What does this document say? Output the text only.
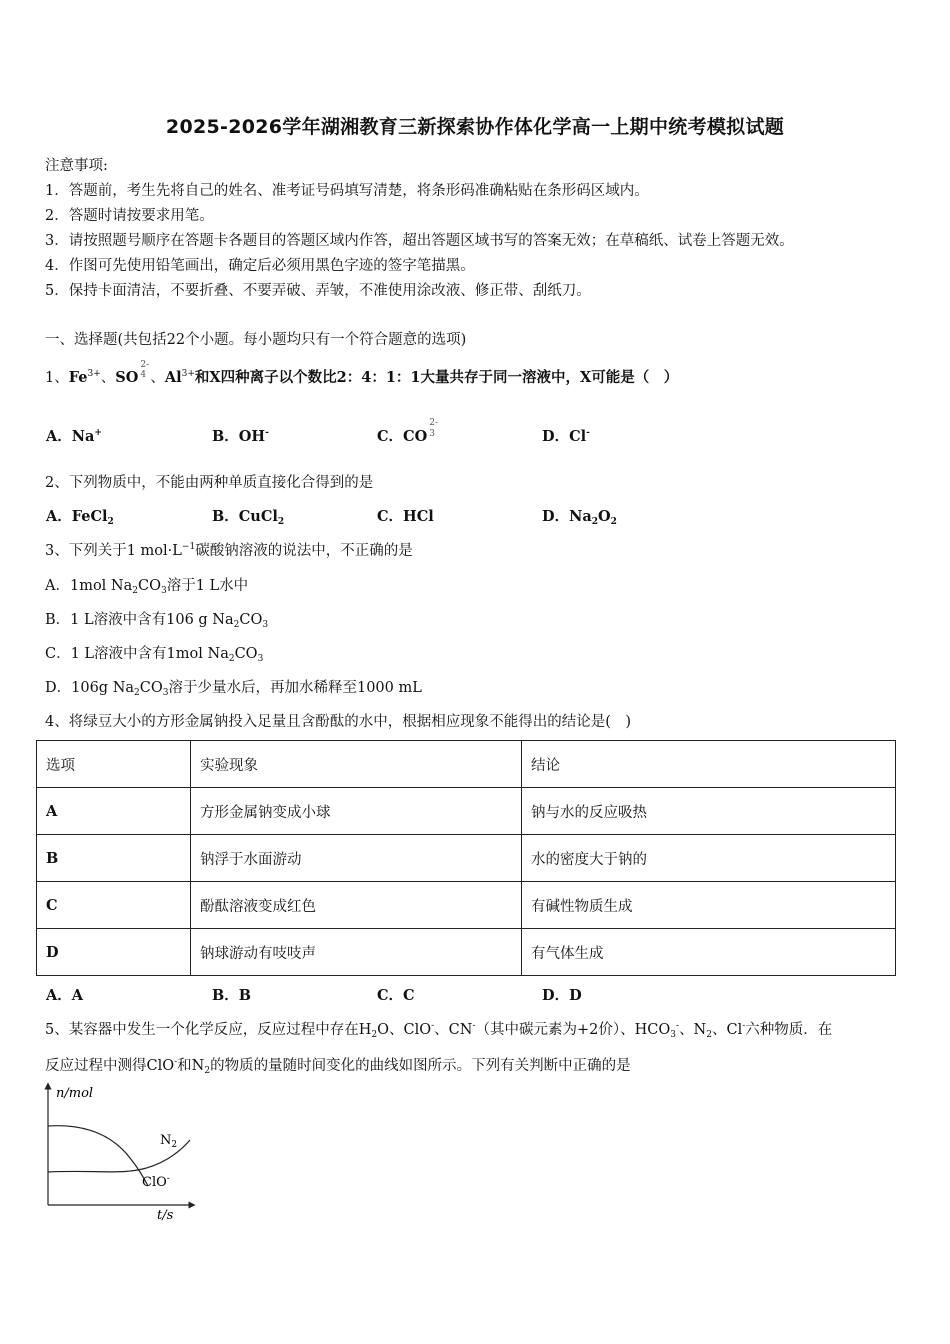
2025-2026学年湖湘教育三新探索协作体化学高一上期中统考模拟试题
注意事项:
1．答题前，考生先将自己的姓名、准考证号码填写清楚，将条形码准确粘贴在条形码区域内。
2．答题时请按要求用笔。
3．请按照题号顺序在答题卡各题目的答题区域内作答，超出答题区域书写的答案无效；在草稿纸、试卷上答题无效。
4．作图可先使用铅笔画出，确定后必须用黑色字迹的签字笔描黑。
5．保持卡面清洁，不要折叠、不要弄破、弄皱，不准使用涂改液、修正带、刮纸刀。
一、选择题(共包括22个小题。每小题均只有一个符合题意的选项)
1、$Fe^{3+}$、SO
2-
4 、$Al^{3+}$和X四种离子以个数比2：4：1：1大量共存于同一溶液中，X可能是（　）
A．Na+	B．OH-	C．CO
2-
3	D．Cl-
2、下列物质中，不能由两种单质直接化合得到的是
A．FeCl$_2$	B．CuCl$_2$	C．HCl	D．$Na_2O_2$
3、下列关于1 $mol\cdot L^{-1}$碳酸钠溶液的说法中，不正确的是
A．1mol $Na_2CO_3$溶于1 L水中
B．1 L溶液中含有106 g $Na_2CO_3$
C．1 L溶液中含有1mol $Na_2CO_3$
D．106g $Na_2CO_3$溶于少量水后，再加水稀释至1000 mL
4、将绿豆大小的方形金属钠投入足量且含酚酞的水中，根据相应现象不能得出的结论是(　)
选项	实验现象	结论
A	方形金属钠变成小球	钠与水的反应吸热
B	钠浮于水面游动	水的密度大于钠的
C	酚酞溶液变成红色	有碱性物质生成
D	钠球游动有吱吱声	有气体生成
A．A	B．B	C．C	D．D
5、某容器中发生一个化学反应，反应过程中存在$H_2O$、ClO-、CN-（其中碳元素为+2价）、$HCO_3^-$、$N_2$、Cl-六种物质．在
反应过程中测得ClO-和$N_2$的物质的量随时间变化的曲线如图所示。下列有关判断中正确的是
n/mol
t/s
$N_2$
ClO-
